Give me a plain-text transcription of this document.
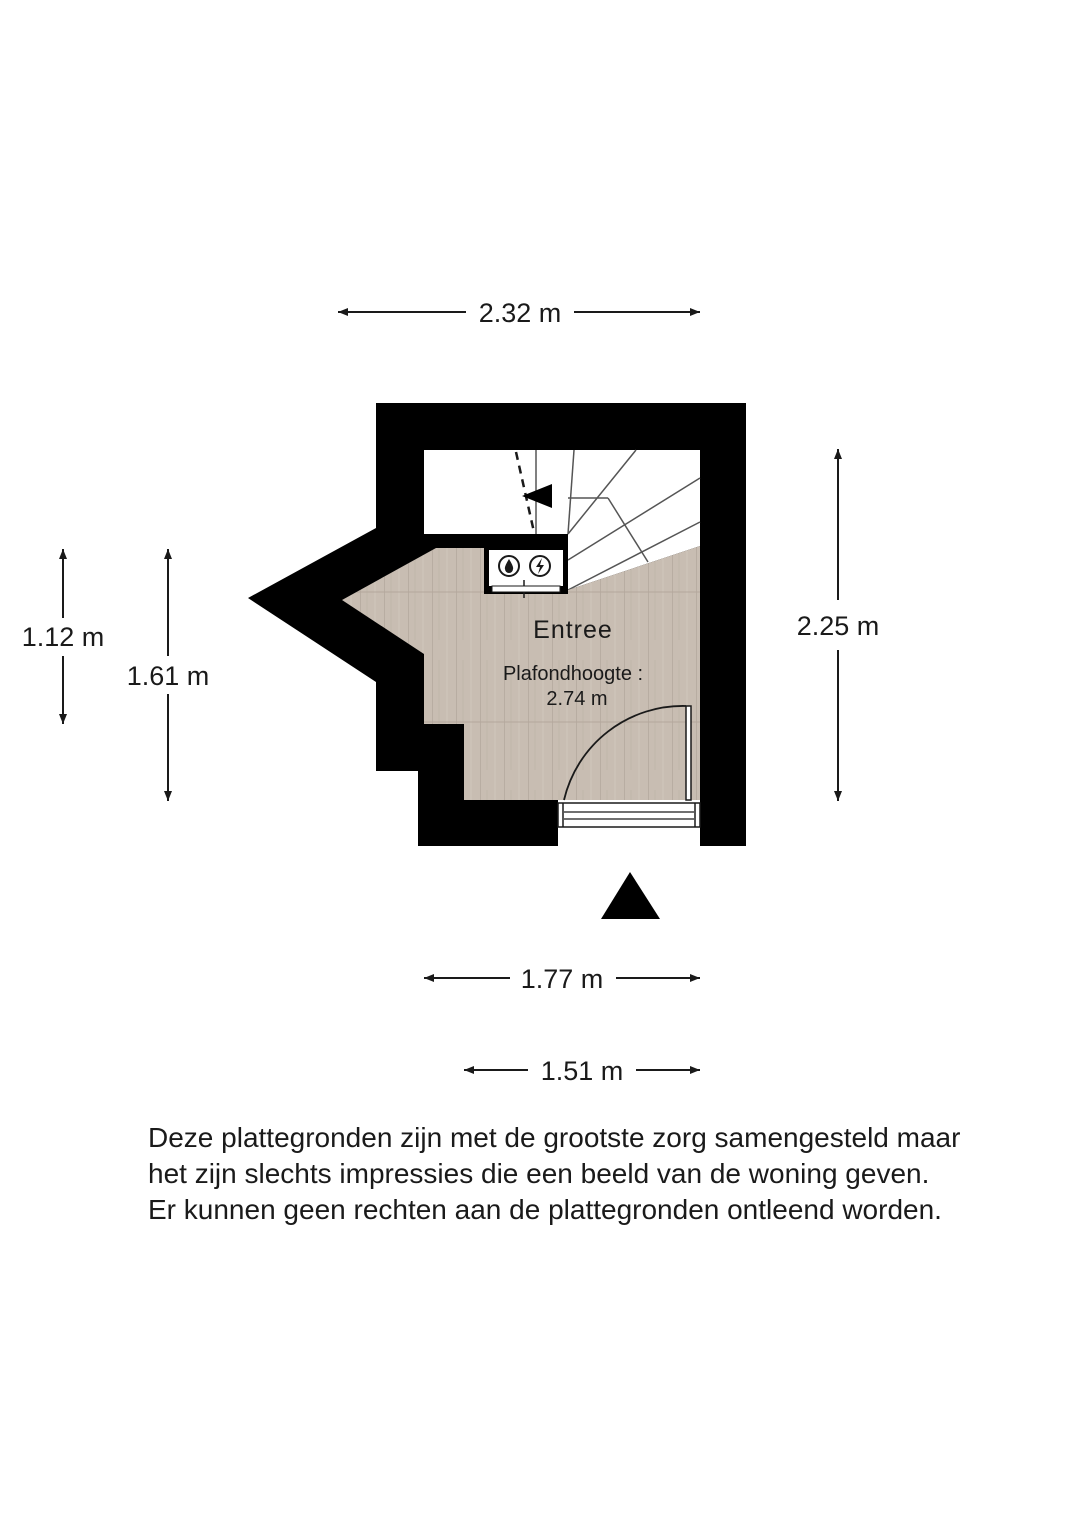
2.32 m
2.25 m
1.12 m
1.61 m
Entree
Plafondhoogte :
2.74 m
1.77 m
1.51 m
Deze plattegronden zijn met de grootste zorg samengesteld maar
het zijn slechts impressies die een beeld van de woning geven.
Er kunnen geen rechten aan de plattegronden ontleend worden.
